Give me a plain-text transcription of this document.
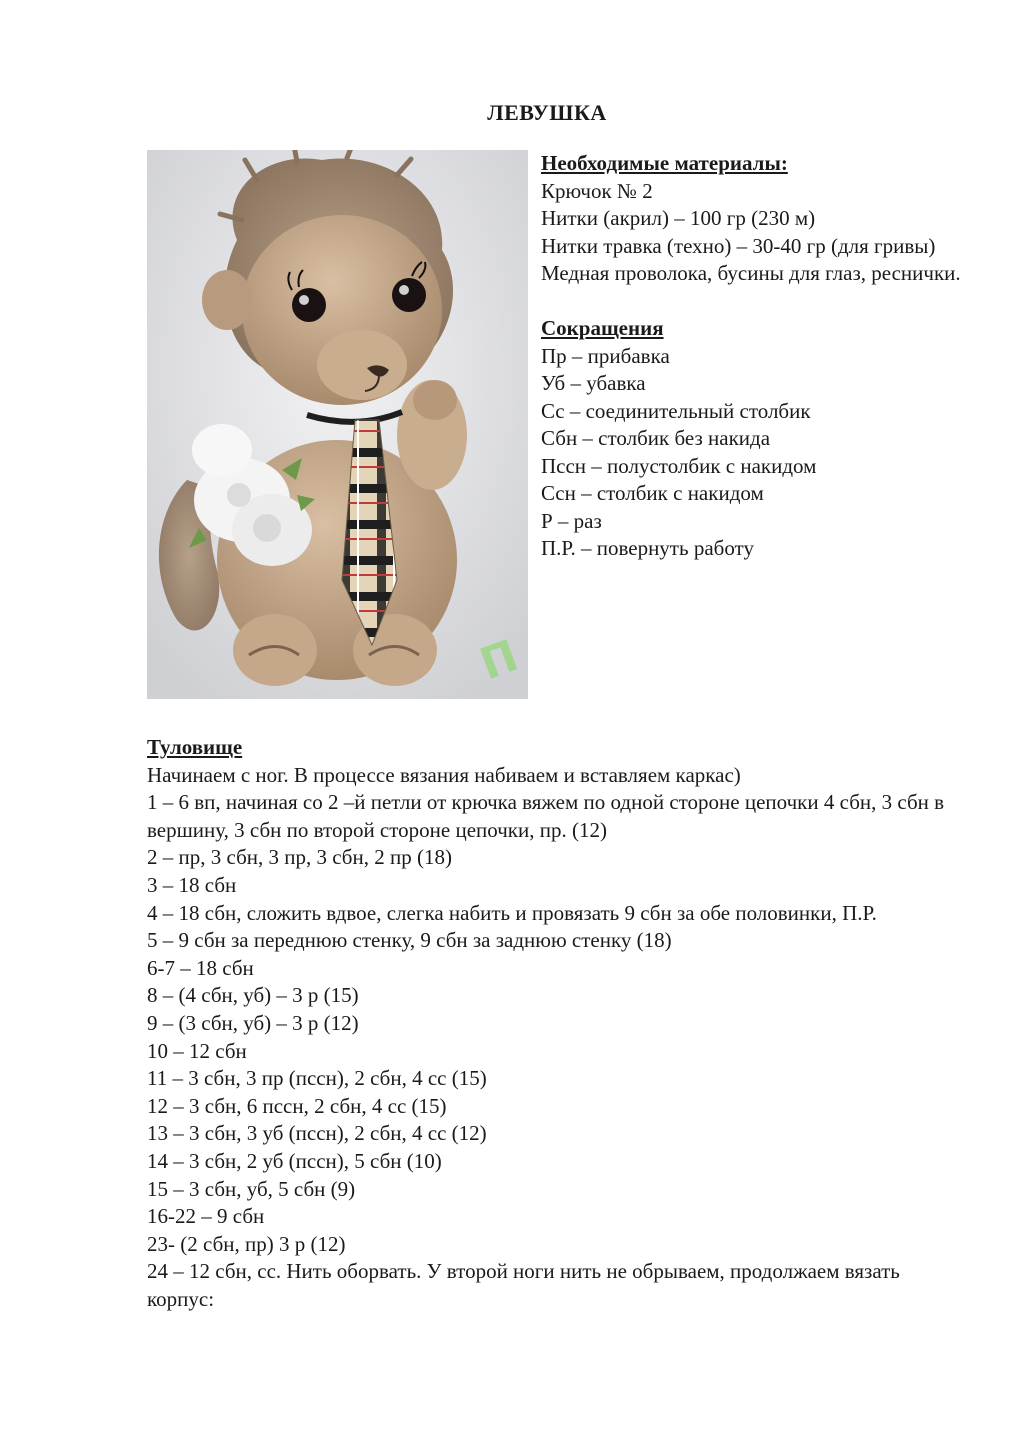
ЛЕВУШКА
п
Необходимые материалы:
Крючок № 2
Нитки (акрил) – 100 гр (230 м)
Нитки травка (техно) – 30-40 гр (для гривы)
Медная проволока, бусины для глаз, реснички.
Сокращения
Пр – прибавка
Уб – убавка
Сс – соединительный столбик
Сбн – столбик без накида
Пссн – полустолбик с накидом
Ссн – столбик с накидом
Р – раз
П.Р. – повернуть работу
Туловище
Начинаем с ног. В процессе вязания набиваем и вставляем каркас)
1 – 6 вп, начиная со 2 –й петли от крючка вяжем по одной стороне цепочки 4 сбн, 3 сбн в вершину, 3 сбн по второй стороне цепочки, пр. (12)
2 – пр, 3 сбн, 3 пр, 3 сбн, 2 пр (18)
3 – 18 сбн
4 – 18 сбн, сложить вдвое, слегка набить и провязать 9 сбн за обе половинки, П.Р.
5 – 9 сбн за переднюю стенку, 9 сбн за заднюю стенку (18)
6-7 – 18 сбн
8 – (4 сбн, уб) – 3 р (15)
9 – (3 сбн, уб) – 3 р (12)
10 – 12 сбн
11 – 3 сбн, 3 пр (пссн), 2 сбн, 4 сс (15)
12 – 3 сбн, 6 пссн, 2 сбн, 4 сс (15)
13 – 3 сбн, 3 уб (пссн), 2 сбн, 4 сс (12)
14 – 3 сбн, 2 уб (пссн), 5 сбн (10)
15 – 3 сбн, уб, 5 сбн (9)
16-22 – 9 сбн
23- (2 сбн, пр) 3 р (12)
24 – 12 сбн, сс. Нить оборвать. У второй ноги нить не обрываем, продолжаем вязать корпус:
